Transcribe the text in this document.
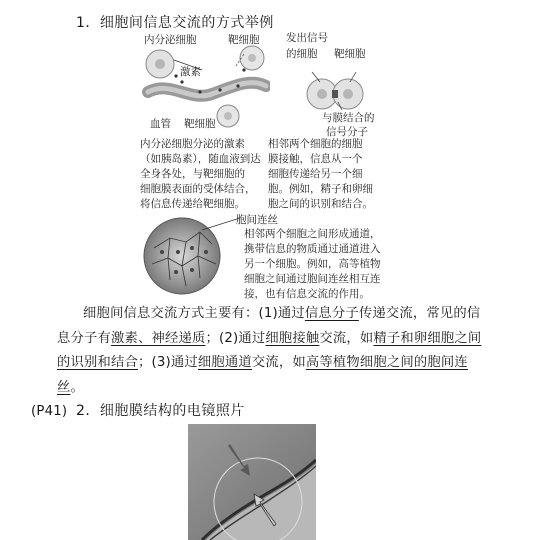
1．细胞间信息交流的方式举例
内分泌细胞	靶细胞
激素
血管 靶细胞
内分泌细胞分泌的激素
（如胰岛素），随血液到达
全身各处，与靶细胞的
细胞膜表面的受体结合，
将信息传递给靶细胞。
发出信号
的细胞 靶细胞
与膜结合的
信号分子
相邻两个细胞的细胞
膜接触，信息从一个
细胞传递给另一个细
胞。例如，精子和卵细
胞之间的识别和结合。
胞间连丝
相邻两个细胞之间形成通道，
携带信息的物质通过通道进入
另一个细胞。例如，高等植物
细胞之间通过胞间连丝相互连
接，也有信息交流的作用。
细胞间信息交流方式主要有：(1)通过信息分子传递交流，常见的信息分子有激素、神经递质；(2)通过细胞接触交流，如精子和卵细胞之间的识别和结合；(3)通过细胞通道交流，如高等植物细胞之间的胞间连丝。
(P41) 2．细胞膜结构的电镜照片
